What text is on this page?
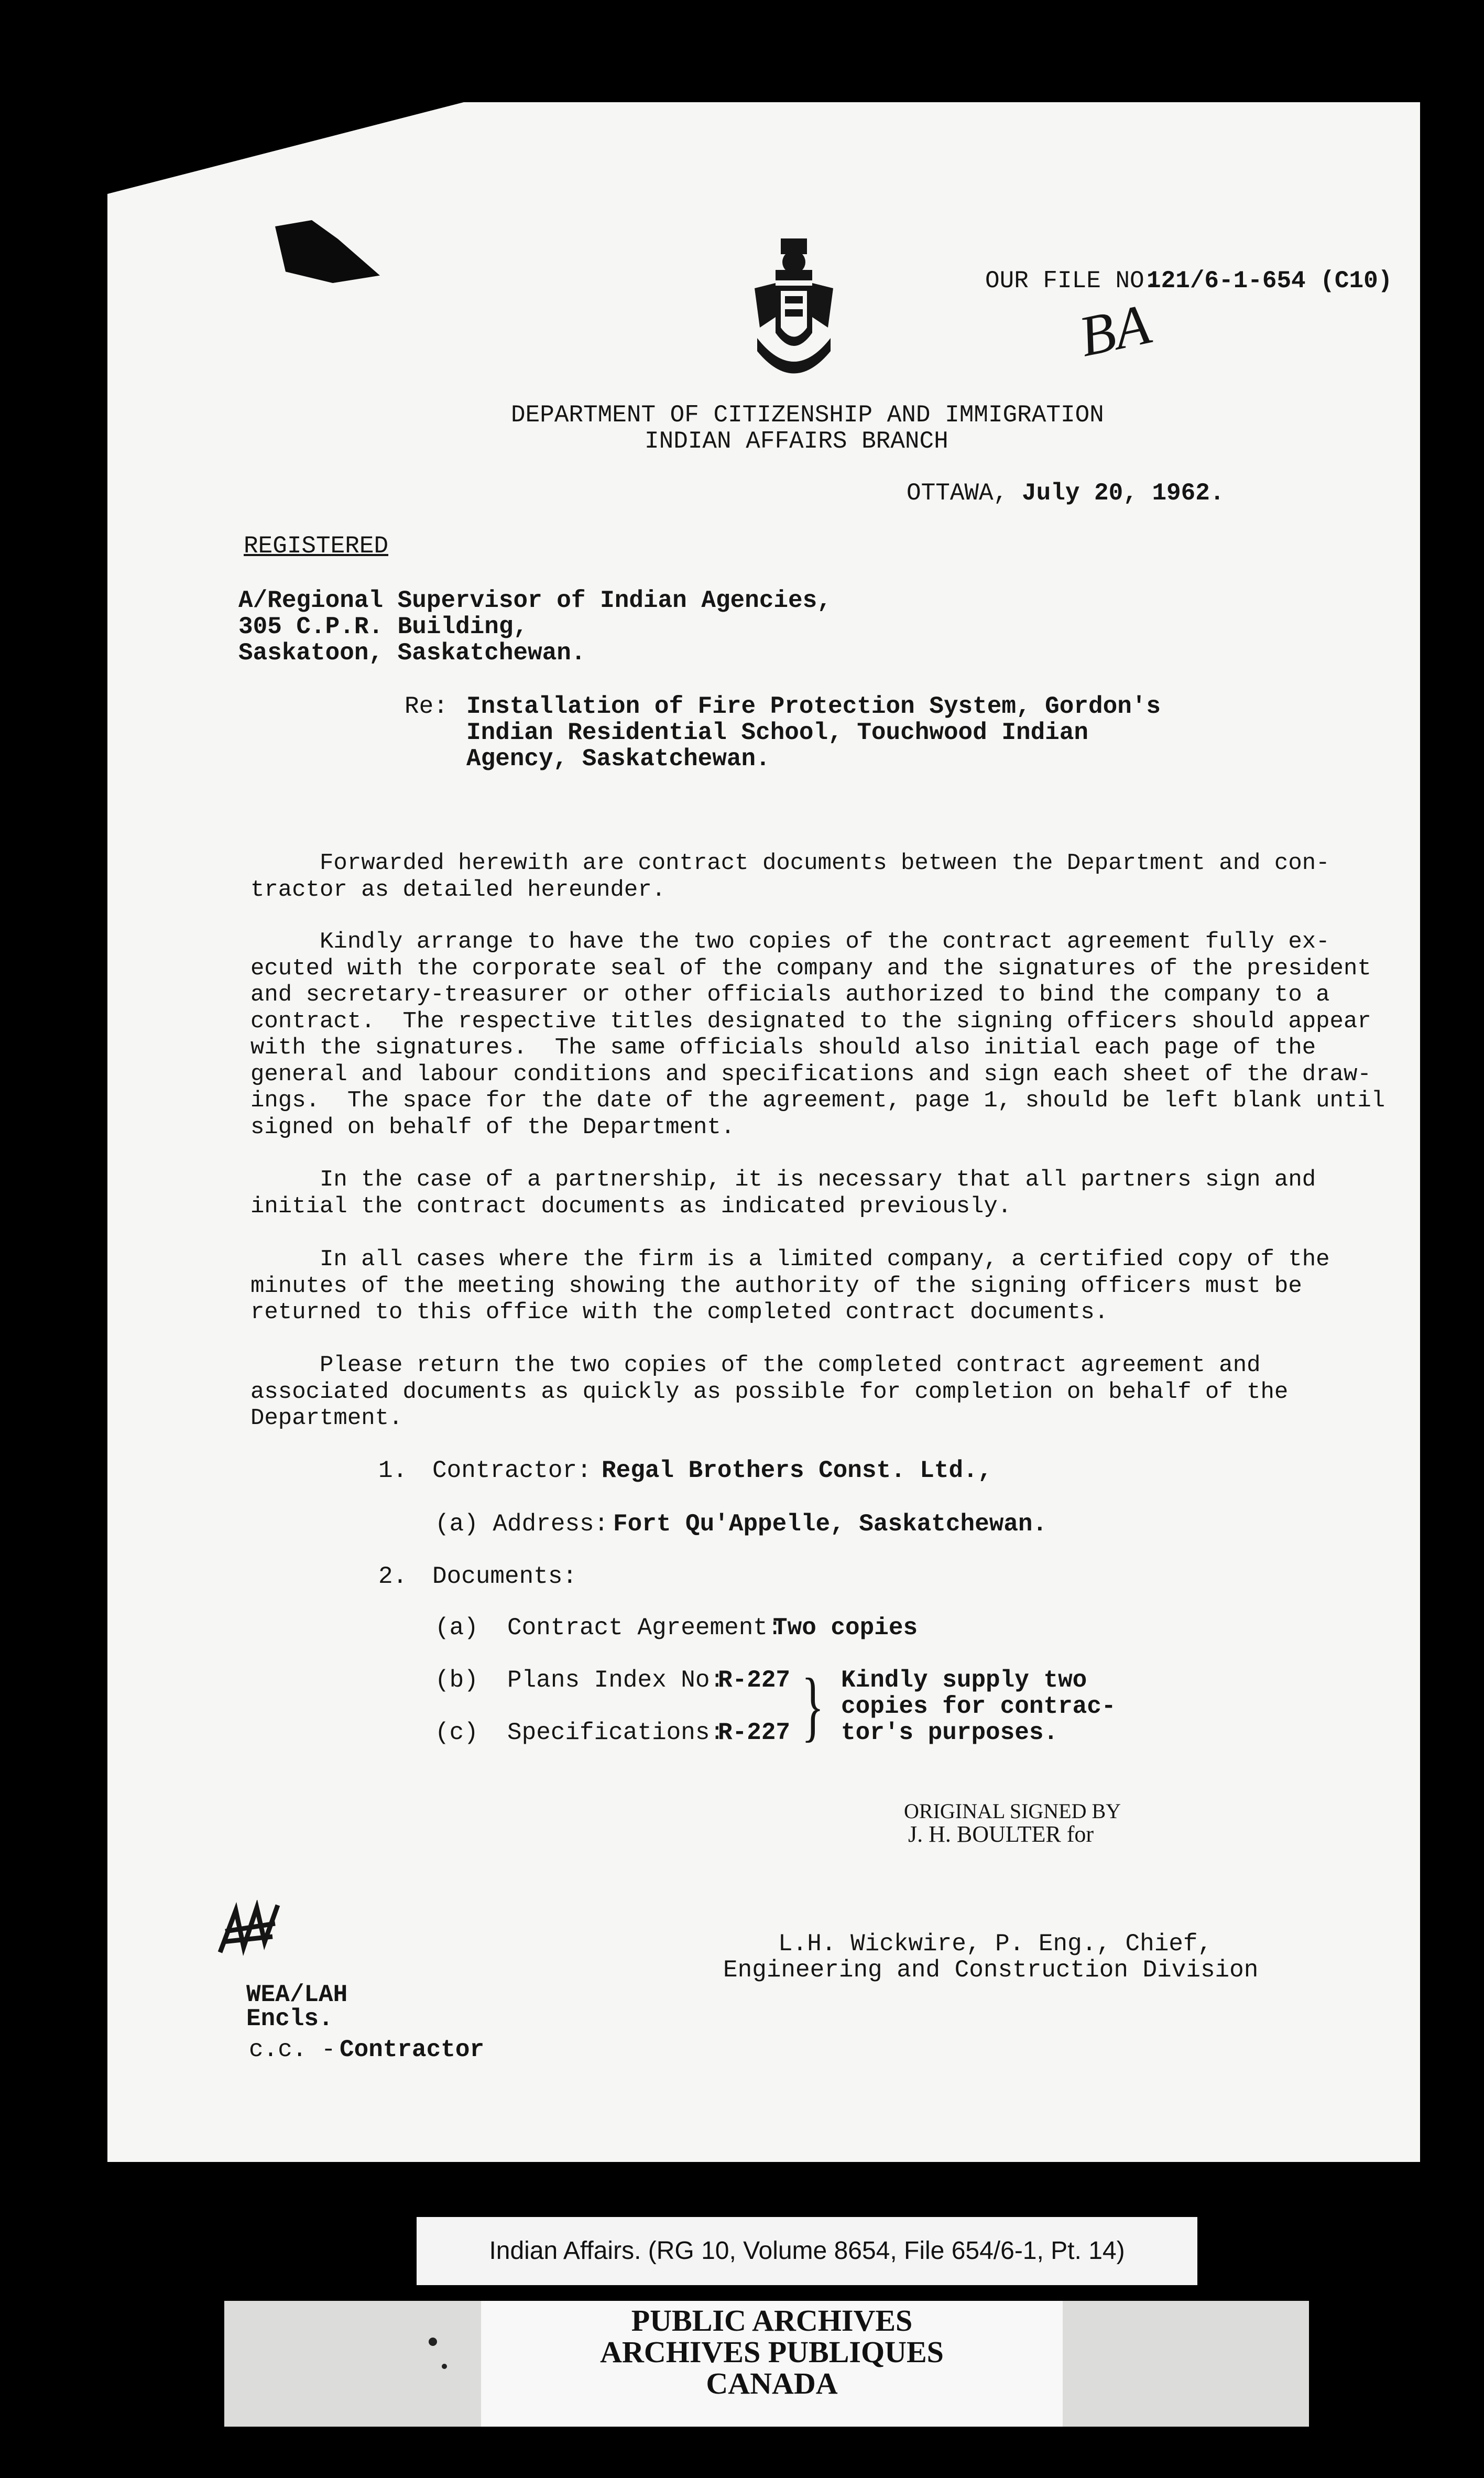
OUR FILE NO.
121/6-1-654 (C10)
BA
DEPARTMENT OF CITIZENSHIP AND IMMIGRATION
INDIAN AFFAIRS BRANCH
OTTAWA, July 20, 1962.
REGISTERED
A/Regional Supervisor of Indian Agencies,
305 C.P.R. Building,
Saskatoon, Saskatchewan.
Re: Installation of Fire Protection System, Gordon's
Indian Residential School, Touchwood Indian
Agency, Saskatchewan.

Forwarded herewith are contract documents between the Department and con-

tractor as detailed hereunder.

Kindly arrange to have the two copies of the contract agreement fully ex-

ecuted with the corporate seal of the company and the signatures of the president

and secretary-treasurer or other officials authorized to bind the company to a

contract.  The respective titles designated to the signing officers should appear

with the signatures.  The same officials should also initial each page of the

general and labour conditions and specifications and sign each sheet of the draw-

ings.  The space for the date of the agreement, page 1, should be left blank until

signed on behalf of the Department.

In the case of a partnership, it is necessary that all partners sign and

initial the contract documents as indicated previously.

In all cases where the firm is a limited company, a certified copy of the

minutes of the meeting showing the authority of the signing officers must be

returned to this office with the completed contract documents.

Please return the two copies of the completed contract agreement and

associated documents as quickly as possible for completion on behalf of the

Department.

1. Contractor: Regal Brothers Const. Ltd.,
(a) Address: Fort Qu'Appelle, Saskatchewan.
2. Documents:
(a)  Contract Agreement:
Two copies
(b)  Plans Index No:
R-227
(c)  Specifications:
R-227 } Kindly supply two
copies for contrac-
tor's purposes.
ORIGINAL SIGNED BY
J. H. BOULTER for
L.H. Wickwire, P. Eng., Chief,
Engineering and Construction Division
WEA/LAH
Encls.
c.c. - Contractor
Indian Affairs. (RG 10, Volume 8654, File 654/6-1, Pt. 14)
PUBLIC ARCHIVES
ARCHIVES PUBLIQUES
CANADA
